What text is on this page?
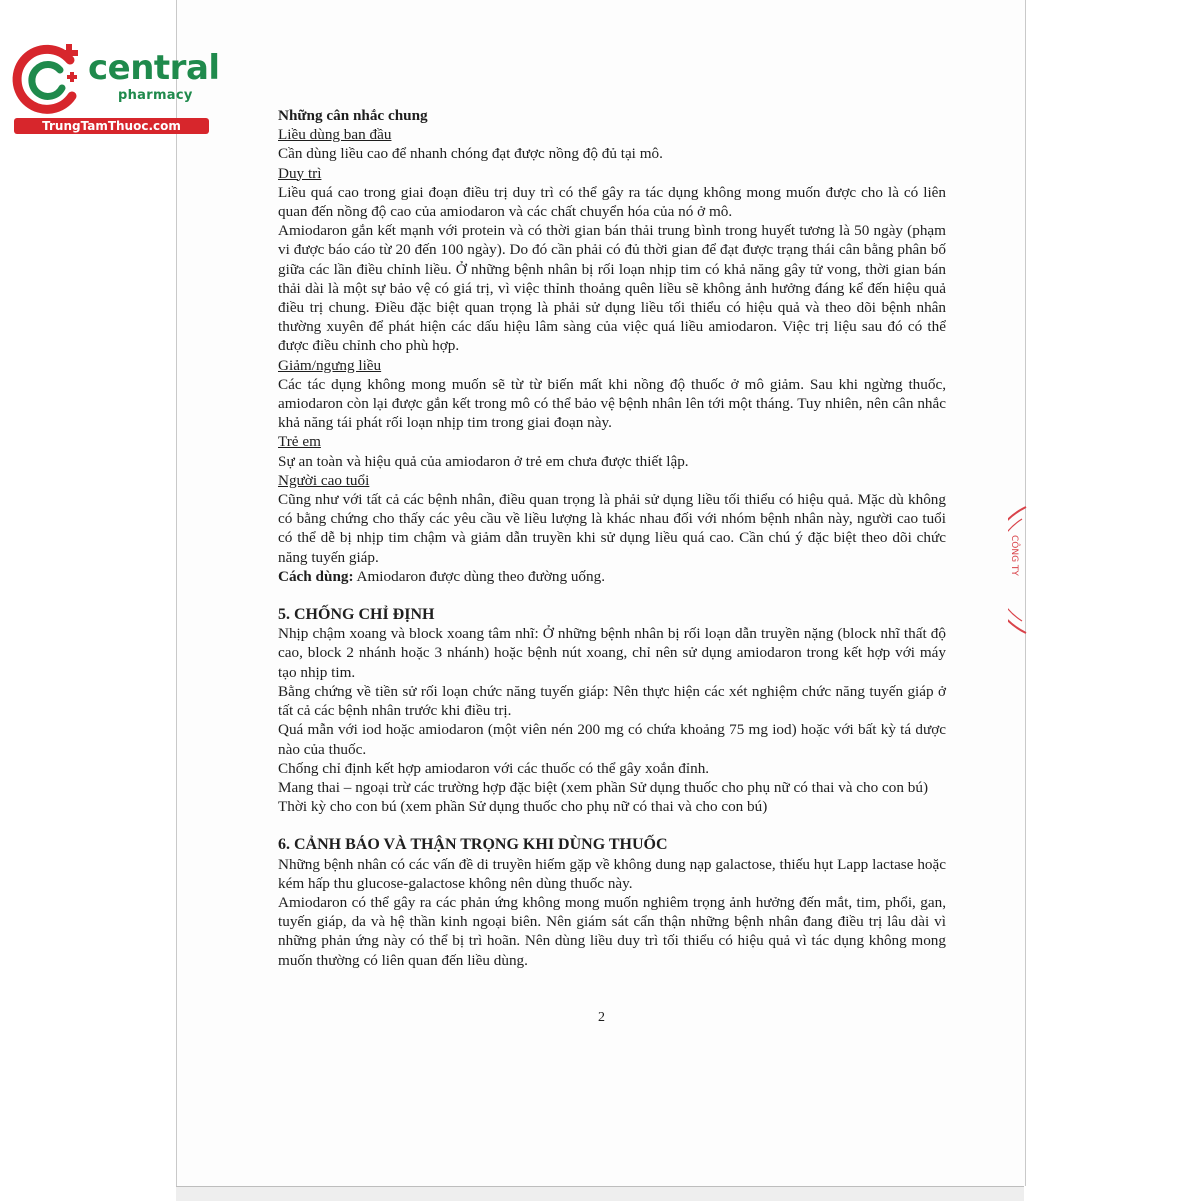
central
pharmacy
TrungTamThuoc.com
CÔNG TY

Những cân nhắc chung

Liều dùng ban đầu

Cần dùng liều cao để nhanh chóng đạt được nồng độ đủ tại mô.

Duy trì

Liều quá cao trong giai đoạn điều trị duy trì có thể gây ra tác dụng không mong muốn được cho là có liên quan đến nồng độ cao của amiodaron và các chất chuyển hóa của nó ở mô.

Amiodaron gắn kết mạnh với protein và có thời gian bán thải trung bình trong huyết tương là 50 ngày (phạm vi được báo cáo từ 20 đến 100 ngày). Do đó cần phải có đủ thời gian để đạt được trạng thái cân bằng phân bố giữa các lần điều chỉnh liều. Ở những bệnh nhân bị rối loạn nhịp tim có khả năng gây tử vong, thời gian bán thải dài là một sự bảo vệ có giá trị, vì việc thỉnh thoảng quên liều sẽ không ảnh hưởng đáng kể đến hiệu quả điều trị chung. Điều đặc biệt quan trọng là phải sử dụng liều tối thiểu có hiệu quả và theo dõi bệnh nhân thường xuyên để phát hiện các dấu hiệu lâm sàng của việc quá liều amiodaron. Việc trị liệu sau đó có thể được điều chỉnh cho phù hợp.

Giảm/ngưng liều

Các tác dụng không mong muốn sẽ từ từ biến mất khi nồng độ thuốc ở mô giảm. Sau khi ngừng thuốc, amiodaron còn lại được gắn kết trong mô có thể bảo vệ bệnh nhân lên tới một tháng. Tuy nhiên, nên cân nhắc khả năng tái phát rối loạn nhịp tim trong giai đoạn này.

Trẻ em

Sự an toàn và hiệu quả của amiodaron ở trẻ em chưa được thiết lập.

Người cao tuổi

Cũng như với tất cả các bệnh nhân, điều quan trọng là phải sử dụng liều tối thiểu có hiệu quả. Mặc dù không có bằng chứng cho thấy các yêu cầu về liều lượng là khác nhau đối với nhóm bệnh nhân này, người cao tuổi có thể dễ bị nhịp tim chậm và giảm dẫn truyền khi sử dụng liều quá cao. Cần chú ý đặc biệt theo dõi chức năng tuyến giáp.

Cách dùng: Amiodaron được dùng theo đường uống.

5. CHỐNG CHỈ ĐỊNH

Nhịp chậm xoang và block xoang tâm nhĩ: Ở những bệnh nhân bị rối loạn dẫn truyền nặng (block nhĩ thất độ cao, block 2 nhánh hoặc 3 nhánh) hoặc bệnh nút xoang, chỉ nên sử dụng amiodaron trong kết hợp với máy tạo nhịp tim.

Bằng chứng về tiền sử rối loạn chức năng tuyến giáp: Nên thực hiện các xét nghiệm chức năng tuyến giáp ở tất cả các bệnh nhân trước khi điều trị.

Quá mẫn với iod hoặc amiodaron (một viên nén 200 mg có chứa khoảng 75 mg iod) hoặc với bất kỳ tá dược nào của thuốc.

Chống chỉ định kết hợp amiodaron với các thuốc có thể gây xoắn đỉnh.

Mang thai – ngoại trừ các trường hợp đặc biệt (xem phần Sử dụng thuốc cho phụ nữ có thai và cho con bú)

Thời kỳ cho con bú (xem phần Sử dụng thuốc cho phụ nữ có thai và cho con bú)

6. CẢNH BÁO VÀ THẬN TRỌNG KHI DÙNG THUỐC

Những bệnh nhân có các vấn đề di truyền hiếm gặp về không dung nạp galactose, thiếu hụt Lapp lactase hoặc kém hấp thu glucose-galactose không nên dùng thuốc này.

Amiodaron có thể gây ra các phản ứng không mong muốn nghiêm trọng ảnh hưởng đến mắt, tim, phổi, gan, tuyến giáp, da và hệ thần kinh ngoại biên. Nên giám sát cẩn thận những bệnh nhân đang điều trị lâu dài vì những phản ứng này có thể bị trì hoãn. Nên dùng liều duy trì tối thiểu có hiệu quả vì tác dụng không mong muốn thường có liên quan đến liều dùng.

2
